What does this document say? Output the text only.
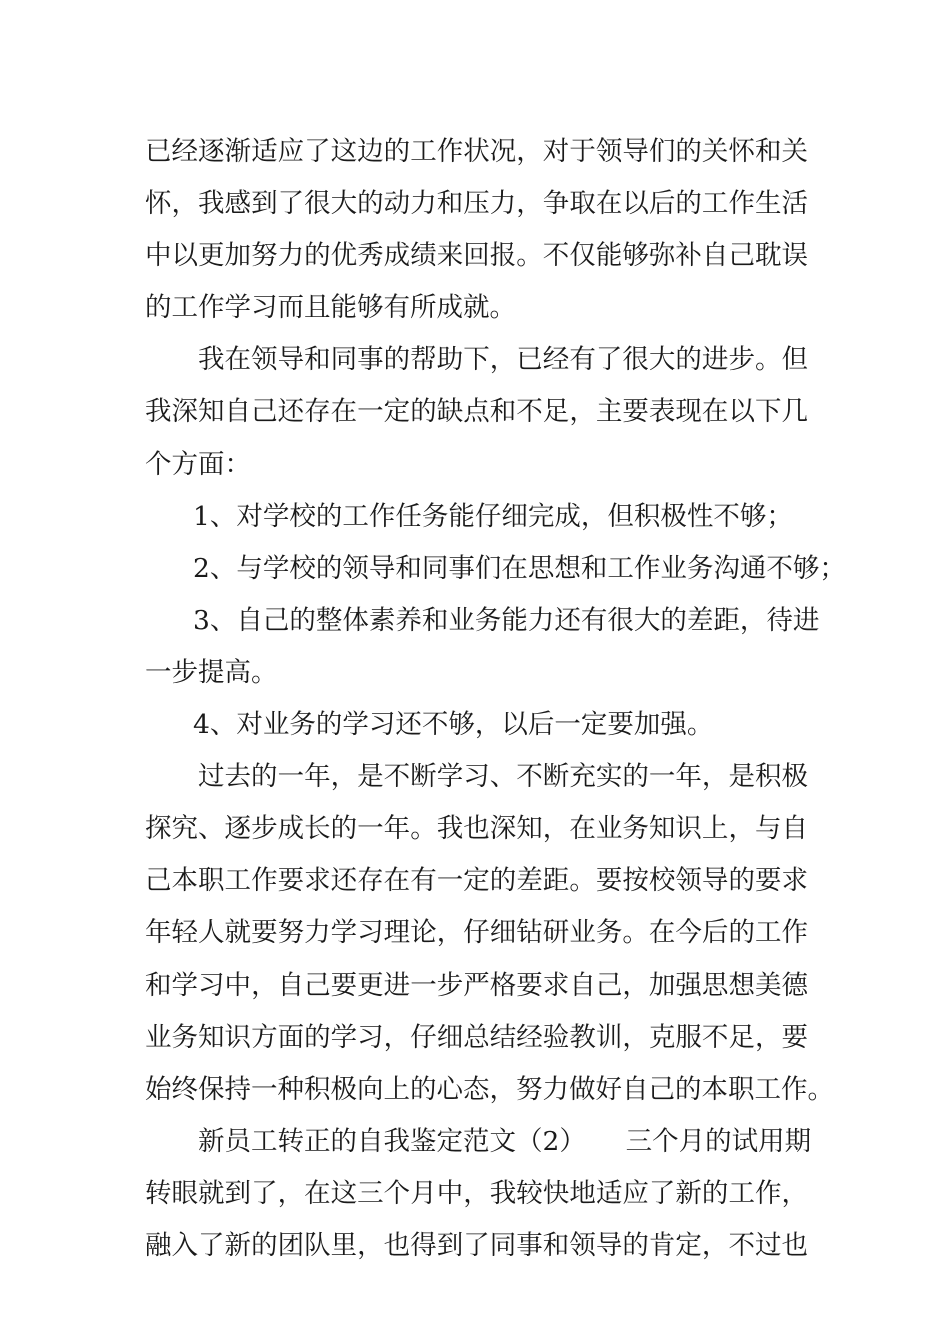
已经逐渐适应了这边的工作状况，对于领导们的关怀和关
怀，我感到了很大的动力和压力，争取在以后的工作生活
中以更加努力的优秀成绩来回报。不仅能够弥补自己耽误
的工作学习而且能够有所成就。
我在领导和同事的帮助下，已经有了很大的进步。但
我深知自己还存在一定的缺点和不足，主要表现在以下几
个方面：
1、对学校的工作任务能仔细完成，但积极性不够；
2、与学校的领导和同事们在思想和工作业务沟通不够；
3、自己的整体素养和业务能力还有很大的差距，待进
一步提高。
4、对业务的学习还不够，以后一定要加强。
过去的一年，是不断学习、不断充实的一年，是积极
探究、逐步成长的一年。我也深知，在业务知识上，与自
己本职工作要求还存在有一定的差距。要按校领导的要求
年轻人就要努力学习理论，仔细钻研业务。在今后的工作
和学习中，自己要更进一步严格要求自己，加强思想美德
业务知识方面的学习，仔细总结经验教训，克服不足，要
始终保持一种积极向上的心态，努力做好自己的本职工作。
新员工转正的自我鉴定范文（2）　　三个月的试用期
转眼就到了，在这三个月中，我较快地适应了新的工作，
融入了新的团队里，也得到了同事和领导的肯定，不过也
